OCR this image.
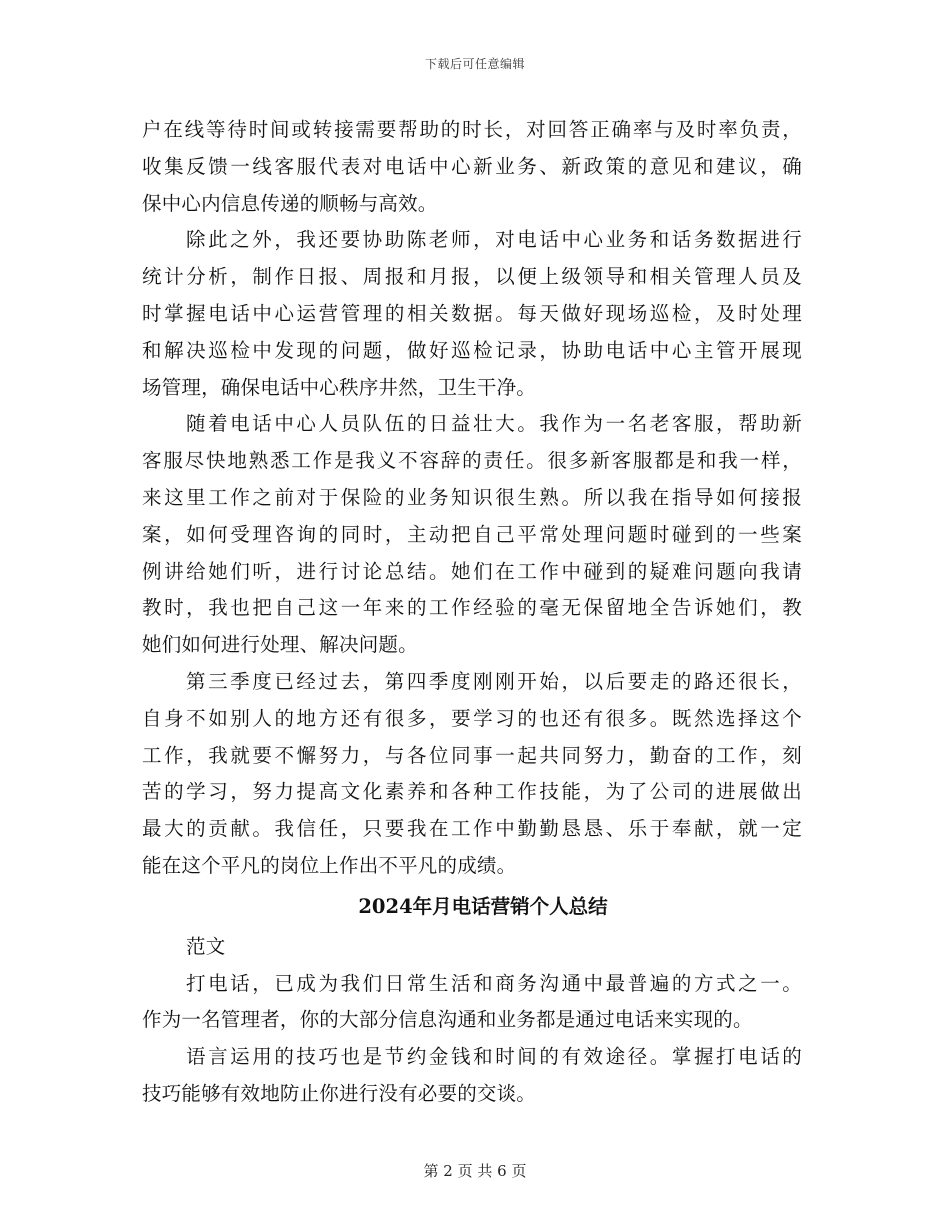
下载后可任意编辑
户在线等待时间或转接需要帮助的时长，对回答正确率与及时率负责，
收集反馈一线客服代表对电话中心新业务、新政策的意见和建议，确
保中心内信息传递的顺畅与高效。
除此之外，我还要协助陈老师，对电话中心业务和话务数据进行
统计分析，制作日报、周报和月报，以便上级领导和相关管理人员及
时掌握电话中心运营管理的相关数据。每天做好现场巡检，及时处理
和解决巡检中发现的问题，做好巡检记录，协助电话中心主管开展现
场管理，确保电话中心秩序井然，卫生干净。
随着电话中心人员队伍的日益壮大。我作为一名老客服，帮助新
客服尽快地熟悉工作是我义不容辞的责任。很多新客服都是和我一样，
来这里工作之前对于保险的业务知识很生熟。所以我在指导如何接报
案，如何受理咨询的同时，主动把自己平常处理问题时碰到的一些案
例讲给她们听，进行讨论总结。她们在工作中碰到的疑难问题向我请
教时，我也把自己这一年来的工作经验的毫无保留地全告诉她们，教
她们如何进行处理、解决问题。
第三季度已经过去，第四季度刚刚开始，以后要走的路还很长，
自身不如别人的地方还有很多，要学习的也还有很多。既然选择这个
工作，我就要不懈努力，与各位同事一起共同努力，勤奋的工作，刻
苦的学习，努力提高文化素养和各种工作技能，为了公司的进展做出
最大的贡献。我信任，只要我在工作中勤勤恳恳、乐于奉献，就一定
能在这个平凡的岗位上作出不平凡的成绩。
2024年月电话营销个人总结
范文
打电话，已成为我们日常生活和商务沟通中最普遍的方式之一。
作为一名管理者，你的大部分信息沟通和业务都是通过电话来实现的。
语言运用的技巧也是节约金钱和时间的有效途径。掌握打电话的
技巧能够有效地防止你进行没有必要的交谈。
第 2 页 共 6 页
